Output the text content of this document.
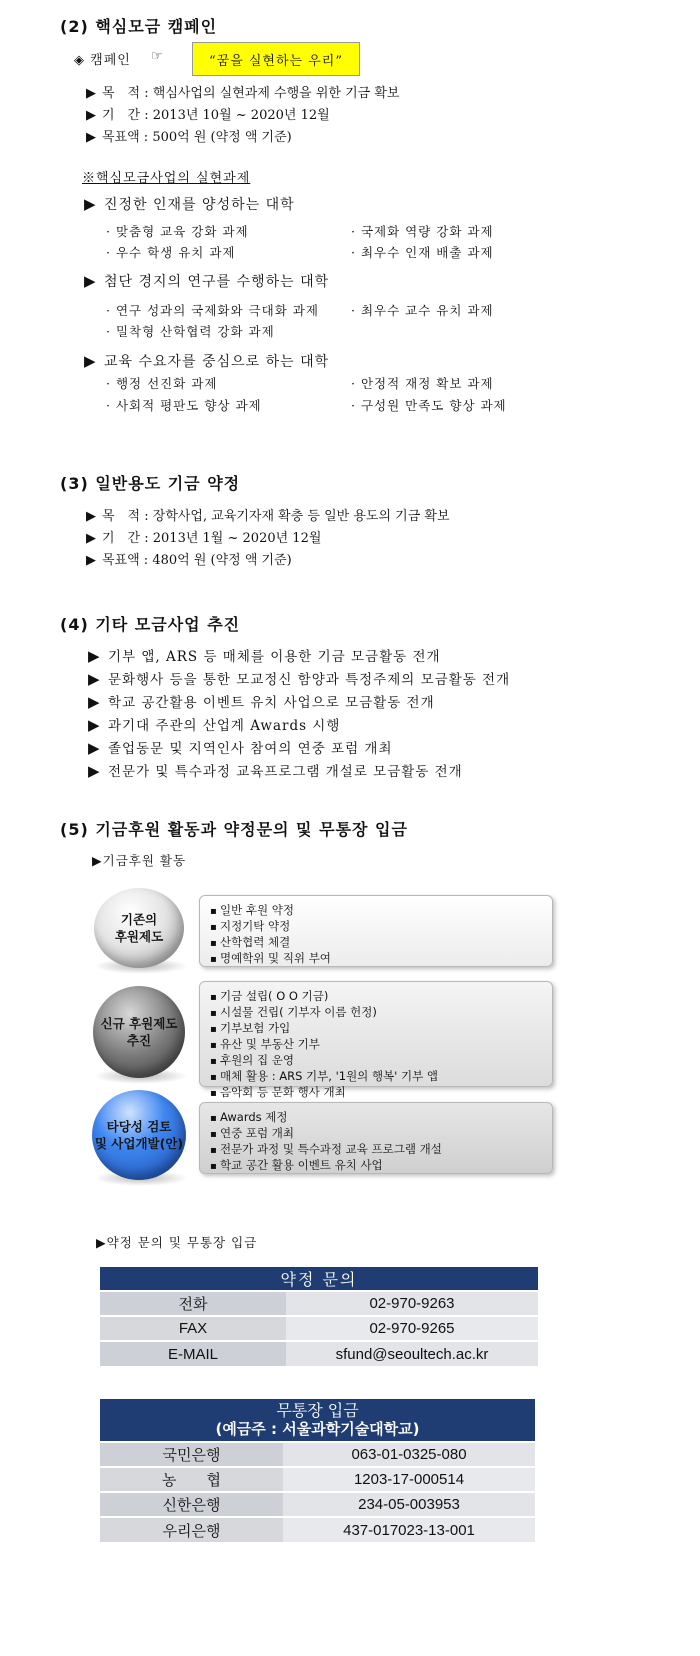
(2) 핵심모금 캠페인
◈ 캠페인 ☞	“꿈을 실현하는 우리”
▶ 목　적 : 핵심사업의 실현과제 수행을 위한 기금 확보
▶ 기　간 : 2013년 10월 ~ 2020년 12월
▶ 목표액 : 500억 원 (약정 액 기준)
※핵심모금사업의 실현과제
▶ 진정한 인재를 양성하는 대학
· 맞춤형 교육 강화 과제
· 우수 학생 유치 과제
· 국제화 역량 강화 과제
· 최우수 인재 배출 과제
▶ 첨단 경지의 연구를 수행하는 대학
· 연구 성과의 국제화와 극대화 과제
· 밀착형 산학협력 강화 과제
· 최우수 교수 유치 과제
▶ 교육 수요자를 중심으로 하는 대학
· 행정 선진화 과제
· 사회적 평판도 향상 과제
· 안정적 재정 확보 과제
· 구성원 만족도 향상 과제
(3) 일반용도 기금 약정
▶ 목　적 : 장학사업, 교육기자재 확충 등 일반 용도의 기금 확보
▶ 기　간 : 2013년 1월 ~ 2020년 12월
▶ 목표액 : 480억 원 (약정 액 기준)
(4) 기타 모금사업 추진
▶ 기부 앱, ARS 등 매체를 이용한 기금 모금활동 전개
▶ 문화행사 등을 통한 모교정신 함양과 특정주제의 모금활동 전개
▶ 학교 공간활용 이벤트 유치 사업으로 모금활동 전개
▶ 과기대 주관의 산업계 Awards 시행
▶ 졸업동문 및 지역인사 참여의 연중 포럼 개최
▶ 전문가 및 특수과정 교육프로그램 개설로 모금활동 전개
(5) 기금후원 활동과 약정문의 및 무통장 입금
▶기금후원 활동
기존의
후원제도
▪ 일반 후원 약정
▪ 지정기탁 약정
▪ 산학협력 체결
▪ 명예학위 및 직위 부여
신규 후원제도
추진
▪ 기금 설립( O O 기금)
▪ 시설물 건립( 기부자 이름 헌정)
▪ 기부보험 가입
▪ 유산 및 부동산 기부
▪ 후원의 집 운영
▪ 매체 활용 : ARS 기부, '1원의 행복' 기부 앱
▪ 음악회 등 문화 행사 개최
타당성 검토
및 사업개발(안)
▪ Awards 제정
▪ 연중 포럼 개최
▪ 전문가 과정 및 특수과정 교육 프로그램 개설
▪ 학교 공간 활용 이벤트 유치 사업
▶약정 문의 및 무통장 입금
약정 문의	
전화	02-970-9263
FAX	02-970-9265
E-MAIL	sfund@seoultech.ac.kr
무통장 입금
(예금주 : 서울과학기술대학교)	

국민은행	063-01-0325-080
농　　협	1203-17-000514
신한은행	234-05-003953
우리은행	437-017023-13-001
